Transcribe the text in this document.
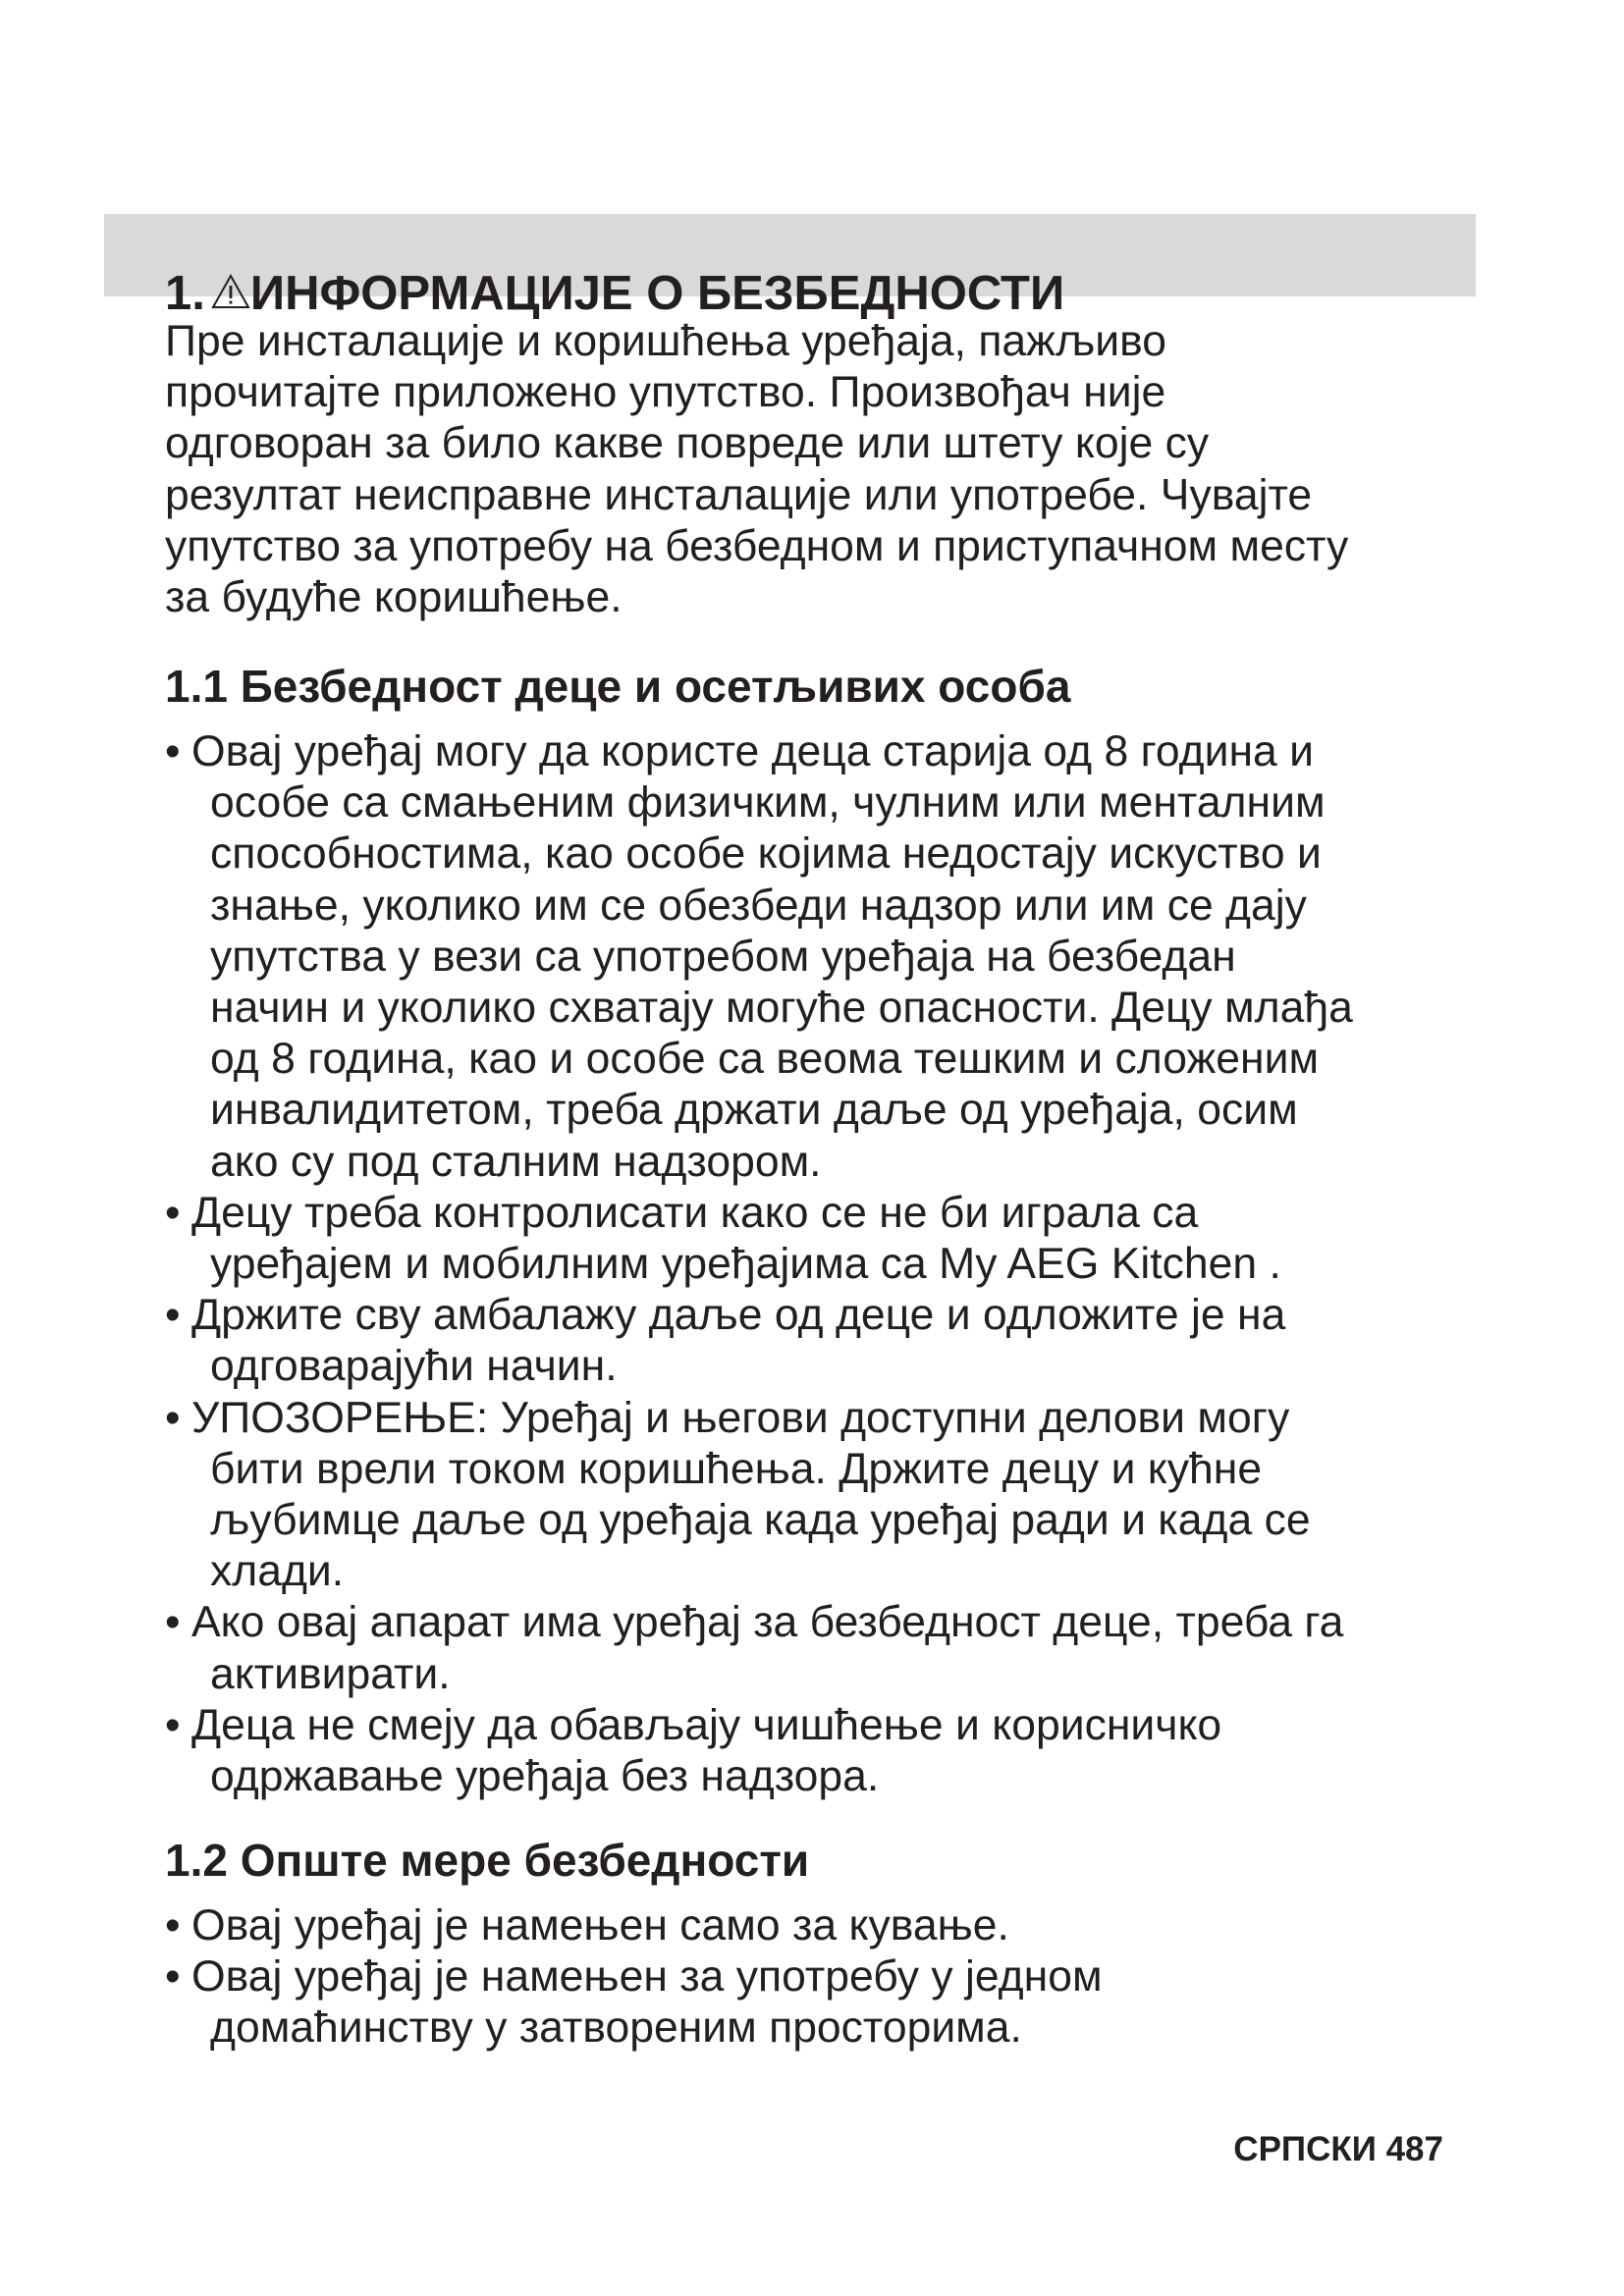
1. ИНФОРМАЦИЈЕ О БЕЗБЕДНОСТИ

Пре инсталације и коришћења уређаја, пажљиво
прочитајте приложено упутство. Произвођач није
одговоран за било какве повреде или штету које су
резултат неисправне инсталације или употребе. Чувајте
упутство за употребу на безбедном и приступачном месту
за будуће коришћење.

1.1 Безбедност деце и осетљивих особа
• Овај уређај могу да користе деца старија од 8 година и
особе са смањеним физичким, чулним или менталним
способностима, као особе којима недостају искуство и
знање, уколико им се обезбеди надзор или им се дају
упутства у вези са употребом уређаја на безбедан
начин и уколико схватају могуће опасности. Децу млађа
од 8 година, као и особе са веома тешким и сложеним
инвалидитетом, треба држати даље од уређаја, осим
ако су под сталним надзором.
• Децу треба контролисати како се не би играла са
уређајем и мобилним уређајима са My AEG Kitchen .
• Држите сву амбалажу даље од деце и одложите је на
одговарајући начин.
• УПОЗОРЕЊЕ: Уређај и његови доступни делови могу
бити врели током коришћења. Држите децу и кућне
љубимце даље од уређаја када уређај ради и када се
хлади.
• Ако овај апарат има уређај за безбедност деце, треба га
активирати.
• Деца не смеју да обављају чишћење и корисничко
одржавање уређаја без надзора.
1.2 Опште мере безбедности
• Овај уређај је намењен само за кување.
• Овај уређај је намењен за употребу у једном
домаћинству у затвореним просторима.
СРПСКИ 487
